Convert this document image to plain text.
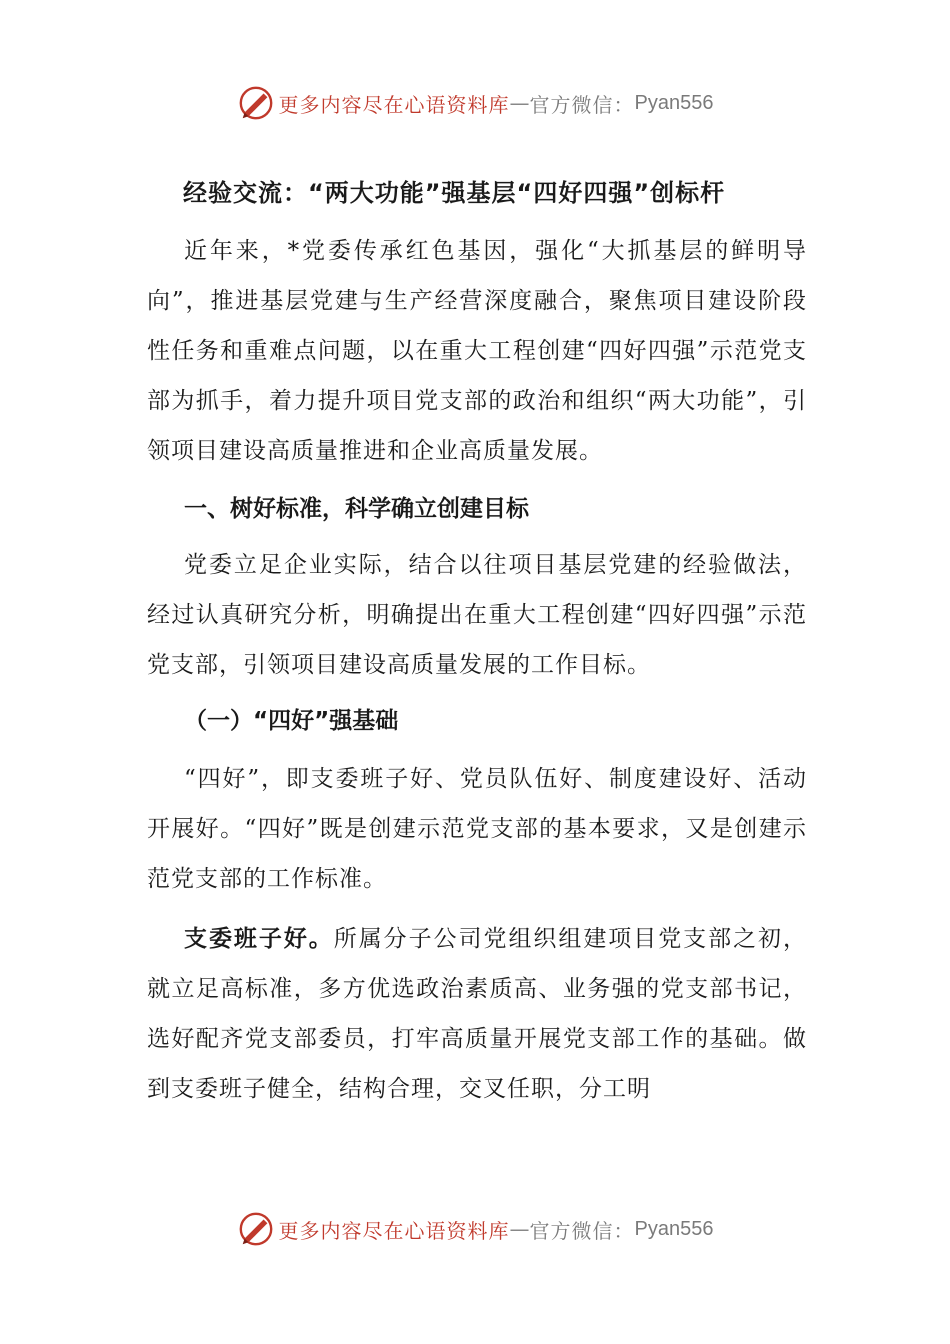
更多内容尽在心语资料库 — 官方微信： Pyan556

经验交流：“两大功能”强基层“四好四强”创标杆

近年来，*党委传承红色基因，强化“大抓基层的鲜明导向”，推进基层党建与生产经营深度融合，聚焦项目建设阶段性任务和重难点问题，以在重大工程创建“四好四强”示范党支部为抓手，着力提升项目党支部的政治和组织“两大功能”，引领项目建设高质量推进和企业高质量发展。

一、树好标准，科学确立创建目标

党委立足企业实际，结合以往项目基层党建的经验做法，经过认真研究分析，明确提出在重大工程创建“四好四强”示范党支部，引领项目建设高质量发展的工作目标。

（一）“四好”强基础

“四好”，即支委班子好、党员队伍好、制度建设好、活动开展好。“四好”既是创建示范党支部的基本要求，又是创建示范党支部的工作标准。

支委班子好。所属分子公司党组织组建项目党支部之初，就立足高标准，多方优选政治素质高、业务强的党支部书记，选好配齐党支部委员，打牢高质量开展党支部工作的基础。做到支委班子健全，结构合理，交叉任职，分工明

更多内容尽在心语资料库 — 官方微信： Pyan556
